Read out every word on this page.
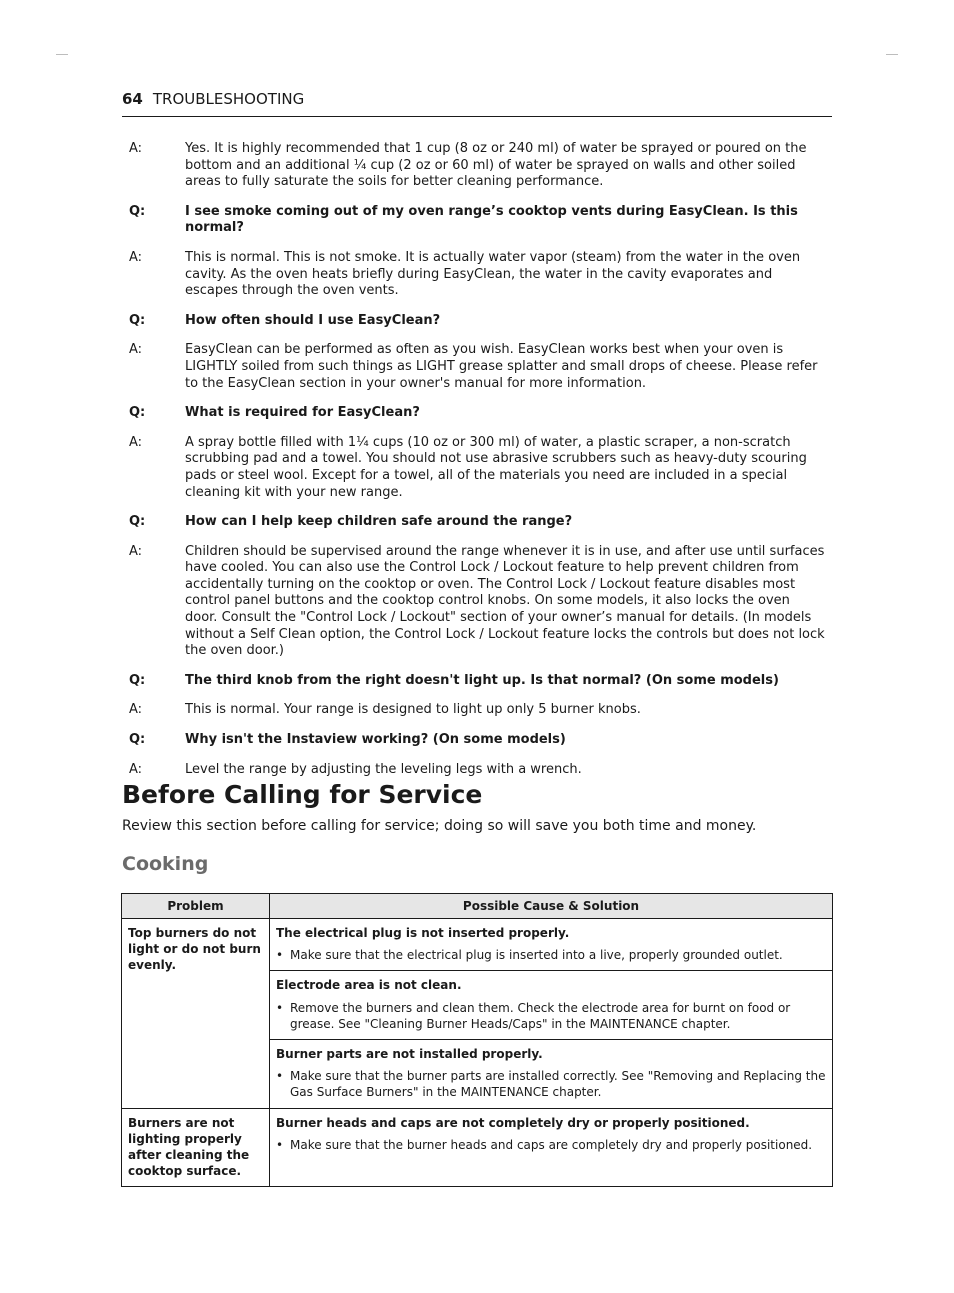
64 TROUBLESHOOTING
A:	Yes. It is highly recommended that 1 cup (8 oz or 240 ml) of water be sprayed or poured on the bottom and an additional ¼ cup (2 oz or 60 ml) of water be sprayed on walls and other soiled areas to fully saturate the soils for better cleaning performance.
Q:	I see smoke coming out of my oven range’s cooktop vents during EasyClean. Is this normal?
A:	This is normal. This is not smoke. It is actually water vapor (steam) from the water in the oven cavity. As the oven heats briefly during EasyClean, the water in the cavity evaporates and escapes through the oven vents.
Q:	How often should I use EasyClean?
A:	EasyClean can be performed as often as you wish. EasyClean works best when your oven is LIGHTLY soiled from such things as LIGHT grease splatter and small drops of cheese. Please refer to the EasyClean section in your owner's manual for more information.
Q:	What is required for EasyClean?
A:	A spray bottle filled with 1¼ cups (10 oz or 300 ml) of water, a plastic scraper, a non-scratch scrubbing pad and a towel. You should not use abrasive scrubbers such as heavy-duty scouring pads or steel wool. Except for a towel, all of the materials you need are included in a special cleaning kit with your new range.
Q:	How can I help keep children safe around the range?
A:	Children should be supervised around the range whenever it is in use, and after use until surfaces have cooled. You can also use the Control Lock / Lockout feature to help prevent children from accidentally turning on the cooktop or oven. The Control Lock / Lockout feature disables most control panel buttons and the cooktop control knobs. On some models, it also locks the oven door. Consult the "Control Lock / Lockout" section of your owner’s manual for details. (In models without a Self Clean option, the Control Lock / Lockout feature locks the controls but does not lock the oven door.)
Q:	The third knob from the right doesn't light up. Is that normal? (On some models)
A:	This is normal. Your range is designed to light up only 5 burner knobs.
Q:	Why isn't the Instaview working? (On some models)
A:	Level the range by adjusting the leveling legs with a wrench.
Before Calling for Service

Review this section before calling for service; doing so will save you both time and money.

Cooking
Problem	Possible Cause & Solution
Top burners do not light or do not burn evenly.	The electrical plug is not inserted properly.
• Make sure that the electrical plug is inserted into a live, properly grounded outlet.

	Electrode area is not clean.
• Remove the burners and clean them. Check the electrode area for burnt on food or grease. See "Cleaning Burner Heads/Caps" in the MAINTENANCE chapter.

	Burner parts are not installed properly.
• Make sure that the burner parts are installed correctly. See "Removing and Replacing the Gas Surface Burners" in the MAINTENANCE chapter.

Burners are not lighting properly after cleaning the cooktop surface.	Burner heads and caps are not completely dry or properly positioned.
• Make sure that the burner heads and caps are completely dry and properly positioned.
